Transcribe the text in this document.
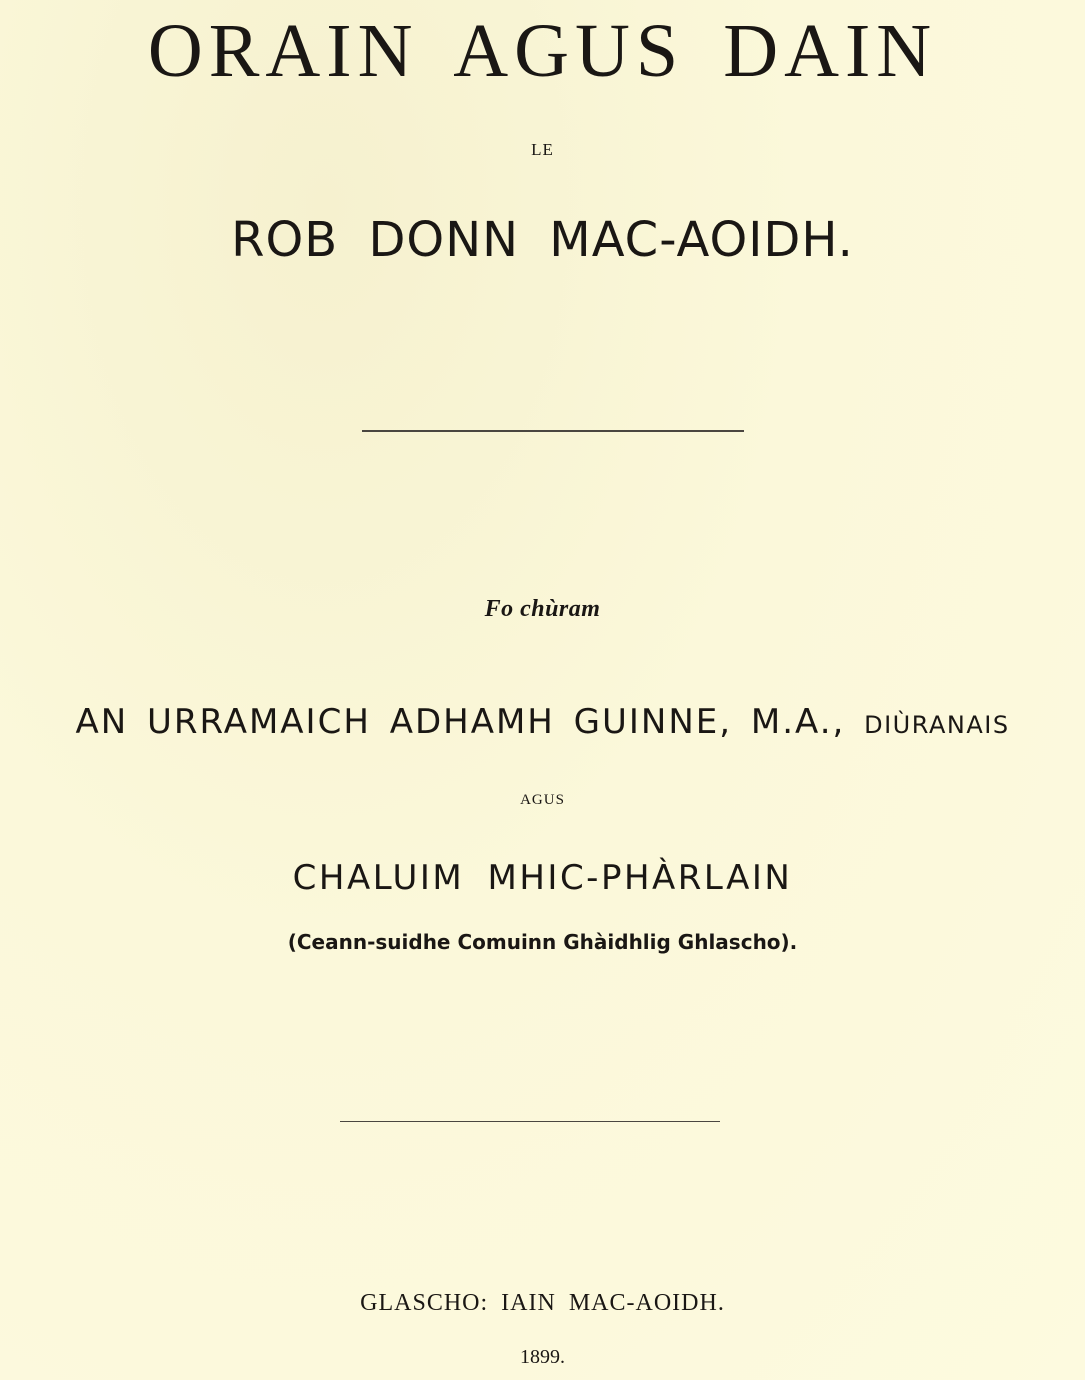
ORAIN AGUS DAIN

LE

ROB DONN MAC-AOIDH.

Fo chùram

AN URRAMAICH ADHAMH GUINNE, M.A., DIÙRANAIS

AGUS

CHALUIM MHIC-PHÀRLAIN

(Ceann-suidhe Comuinn Ghàidhlig Ghlascho).

GLASCHO: IAIN MAC-AOIDH.

1899.
